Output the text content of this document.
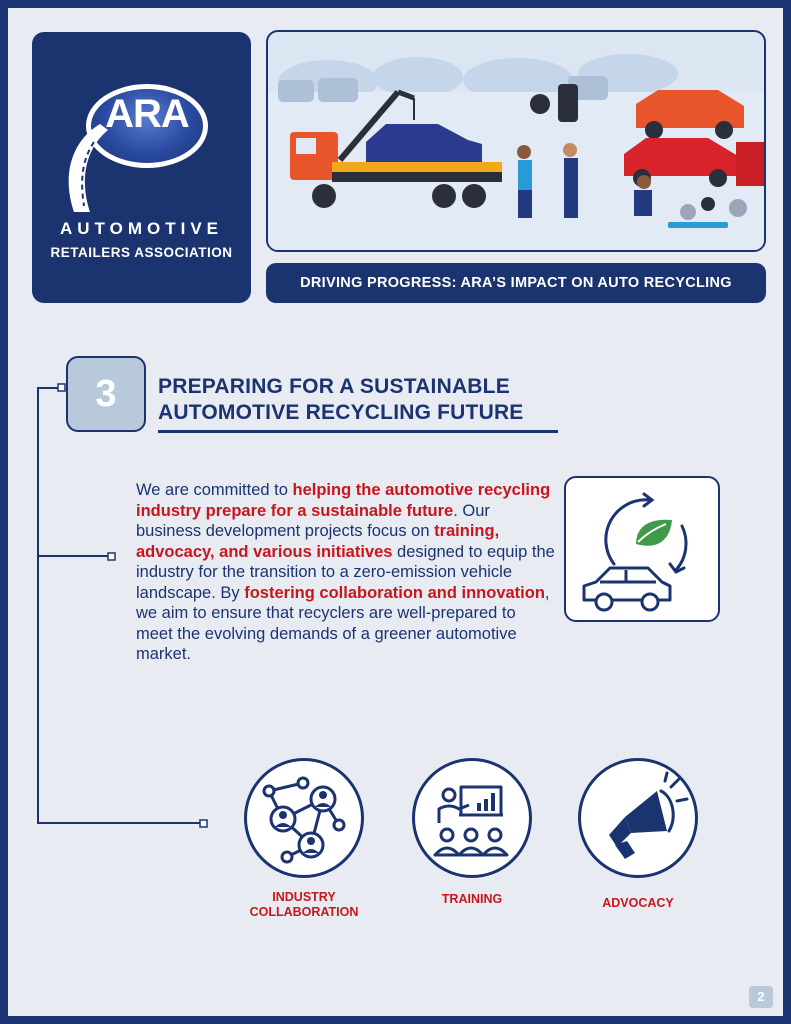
ARA
AUTOMOTIVE
RETAILERS ASSOCIATION
DRIVING PROGRESS: ARA’S IMPACT ON AUTO RECYCLING
3	PREPARING FOR A SUSTAINABLE
AUTOMOTIVE RECYCLING FUTURE

We are committed to helping the automotive recycling industry prepare for a sustainable future. Our business development projects focus on training, advocacy, and various initiatives designed to equip the industry for the transition to a zero-emission vehicle landscape. By fostering collaboration and innovation, we aim to ensure that recyclers are well-prepared to meet the evolving demands of a greener automotive market.

INDUSTRY
COLLABORATION
TRAINING	ADVOCACY
2
